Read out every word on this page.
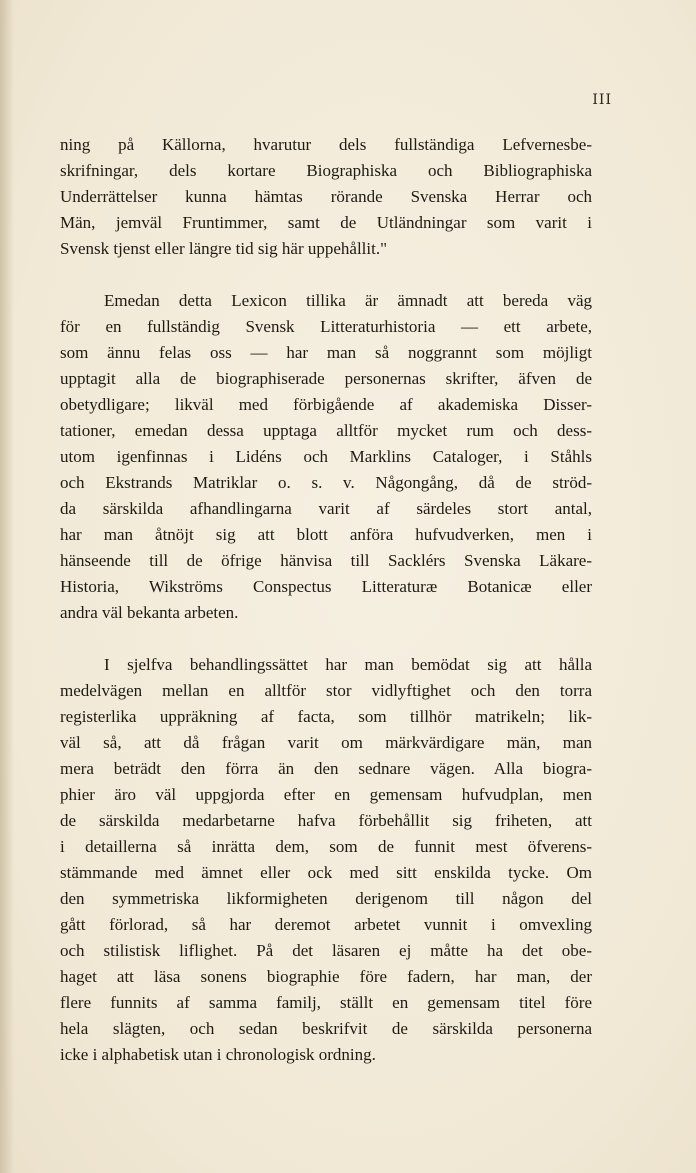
III
ning på Källorna, hvarutur dels fullständiga Lefvernesbe-
skrifningar, dels kortare Biographiska och Bibliographiska
Underrättelser kunna hämtas rörande Svenska Herrar och
Män, jemväl Fruntimmer, samt de Utländningar som varit i
Svensk tjenst eller längre tid sig här uppehållit."
Emedan detta Lexicon tillika är ämnadt att bereda väg
för en fullständig Svensk Litteraturhistoria — ett arbete,
som ännu felas oss — har man så noggrannt som möjligt
upptagit alla de biographiserade personernas skrifter, äfven de
obetydligare; likväl med förbigående af akademiska Disser-
tationer, emedan dessa upptaga alltför mycket rum och dess-
utom igenfinnas i Lidéns och Marklins Cataloger, i Ståhls
och Ekstrands Matriklar o. s. v. Någongång, då de ströd-
da särskilda afhandlingarna varit af särdeles stort antal,
har man åtnöjt sig att blott anföra hufvudverken, men i
hänseende till de öfrige hänvisa till Sacklérs Svenska Läkare-
Historia, Wikströms Conspectus Litteraturæ Botanicæ eller
andra väl bekanta arbeten.
I sjelfva behandlingssättet har man bemödat sig att hålla
medelvägen mellan en alltför stor vidlyftighet och den torra
registerlika uppräkning af facta, som tillhör matrikeln; lik-
väl så, att då frågan varit om märkvärdigare män, man
mera beträdt den förra än den sednare vägen. Alla biogra-
phier äro väl uppgjorda efter en gemensam hufvudplan, men
de särskilda medarbetarne hafva förbehållit sig friheten, att
i detaillerna så inrätta dem, som de funnit mest öfverens-
stämmande med ämnet eller ock med sitt enskilda tycke. Om
den symmetriska likformigheten derigenom till någon del
gått förlorad, så har deremot arbetet vunnit i omvexling
och stilistisk liflighet. På det läsaren ej måtte ha det obe-
haget att läsa sonens biographie före fadern, har man, der
flere funnits af samma familj, ställt en gemensam titel före
hela slägten, och sedan beskrifvit de särskilda personerna
icke i alphabetisk utan i chronologisk ordning.
